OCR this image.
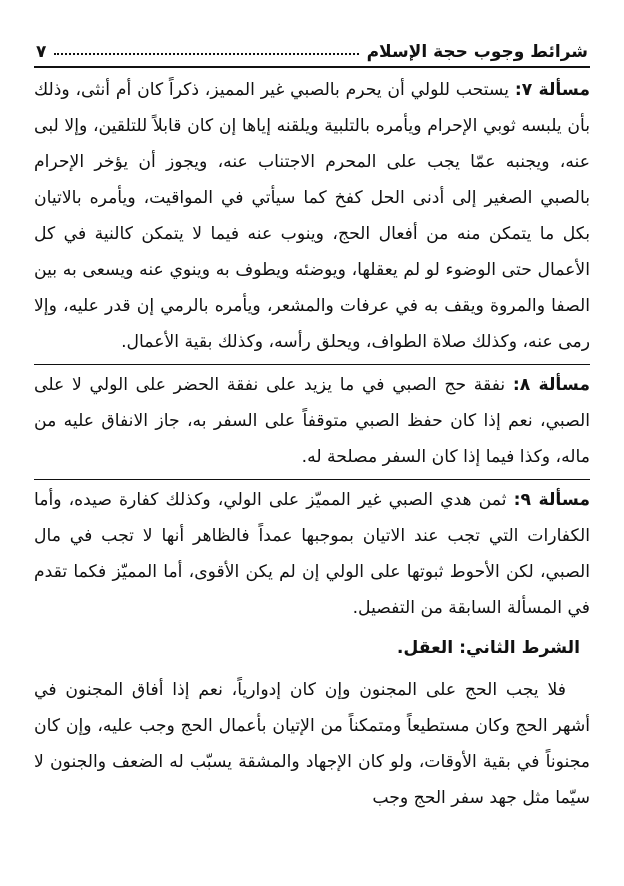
شرائط وجوب حجة الإسلام
٧

مسألة ٧: يستحب للولي أن يحرم بالصبي غير المميز، ذكراً كان أم أنثى، وذلك بأن يلبسه ثوبي الإحرام ويأمره بالتلبية ويلقنه إياها إن كان قابلاً للتلقين، وإلا لبى عنه، ويجنبه عمّا يجب على المحرم الاجتناب عنه، ويجوز أن يؤخر الإحرام بالصبي الصغير إلى أدنى الحل كفخ كما سيأتي في المواقيت، ويأمره بالاتيان بكل ما يتمكن منه من أفعال الحج، وينوب عنه فيما لا يتمكن كالنية في كل الأعمال حتى الوضوء لو لم يعقلها، ويوضئه ويطوف به وينوي عنه ويسعى به بين الصفا والمروة ويقف به في عرفات والمشعر، ويأمره بالرمي إن قدر عليه، وإلا رمى عنه، وكذلك صلاة الطواف، ويحلق رأسه، وكذلك بقية الأعمال.

مسألة ٨: نفقة حج الصبي في ما يزيد على نفقة الحضر على الولي لا على الصبي، نعم إذا كان حفظ الصبي متوقفاً على السفر به، جاز الانفاق عليه من ماله، وكذا فيما إذا كان السفر مصلحة له.

مسألة ٩: ثمن هدي الصبي غير المميّز على الولي، وكذلك كفارة صيده، وأما الكفارات التي تجب عند الاتيان بموجبها عمداً فالظاهر أنها لا تجب في مال الصبي، لكن الأحوط ثبوتها على الولي إن لم يكن الأقوى، أما المميّز فكما تقدم في المسألة السابقة من التفصيل.

الشرط الثاني: العقل.

فلا يجب الحج على المجنون وإن كان إدوارياً، نعم إذا أفاق المجنون في أشهر الحج وكان مستطيعاً ومتمكناً من الإتيان بأعمال الحج وجب عليه، وإن كان مجنوناً في بقية الأوقات، ولو كان الإجهاد والمشقة يسبّب له الضعف والجنون لا سيّما مثل جهد سفر الحج وجب
